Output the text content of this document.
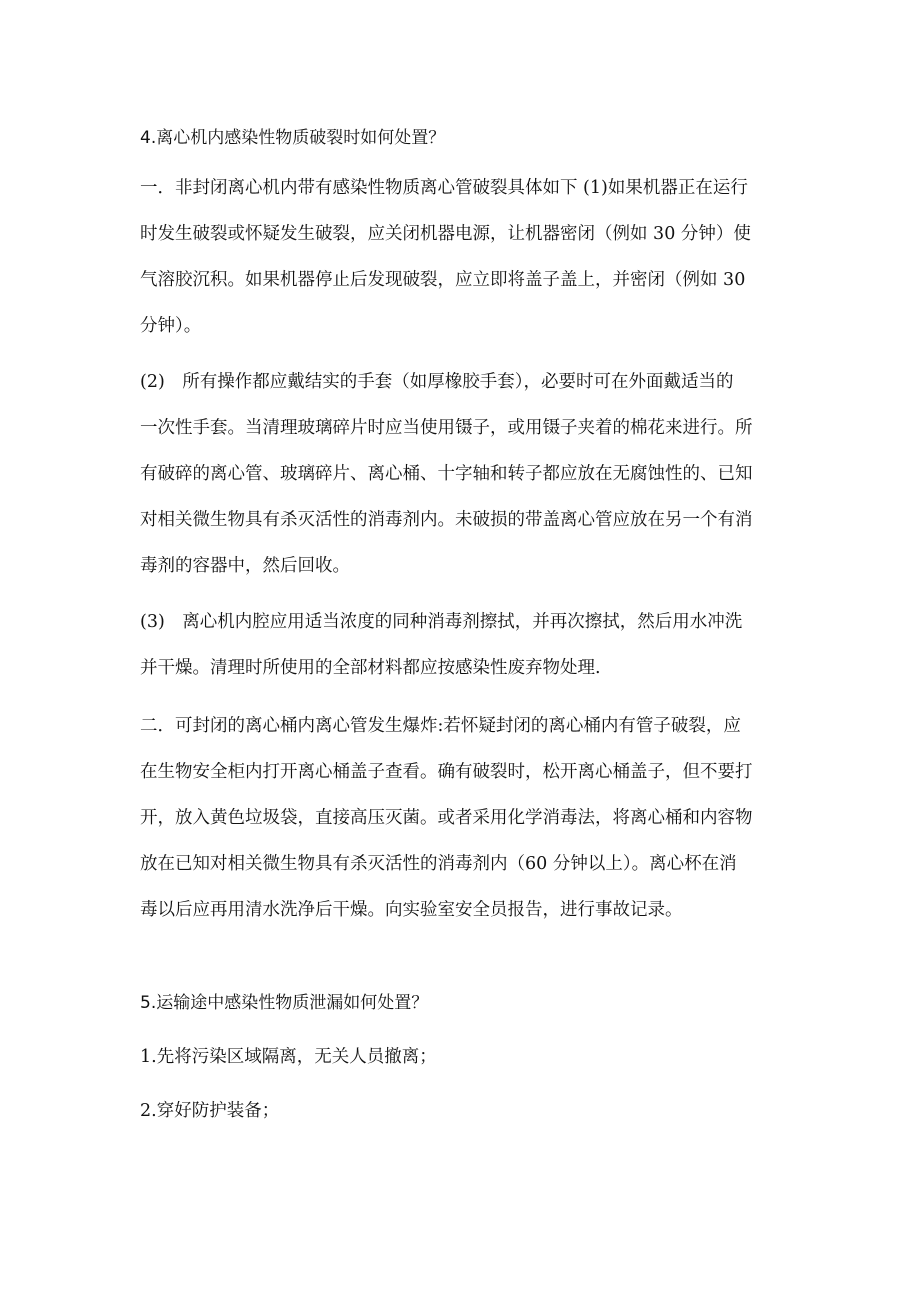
4.离心机内感染性物质破裂时如何处置？
一．非封闭离心机内带有感染性物质离心管破裂具体如下 (1)如果机器正在运行
时发生破裂或怀疑发生破裂，应关闭机器电源，让机器密闭（例如 30 分钟）使
气溶胶沉积。如果机器停止后发现破裂，应立即将盖子盖上，并密闭（例如 30
分钟）。
(2)　所有操作都应戴结实的手套（如厚橡胶手套），必要时可在外面戴适当的
一次性手套。当清理玻璃碎片时应当使用镊子，或用镊子夹着的棉花来进行。所
有破碎的离心管、玻璃碎片、离心桶、十字轴和转子都应放在无腐蚀性的、已知
对相关微生物具有杀灭活性的消毒剂内。未破损的带盖离心管应放在另一个有消
毒剂的容器中，然后回收。
(3)　离心机内腔应用适当浓度的同种消毒剂擦拭，并再次擦拭，然后用水冲洗
并干燥。清理时所使用的全部材料都应按感染性废弃物处理.
二．可封闭的离心桶内离心管发生爆炸:若怀疑封闭的离心桶内有管子破裂，应
在生物安全柜内打开离心桶盖子查看。确有破裂时，松开离心桶盖子，但不要打
开，放入黄色垃圾袋，直接高压灭菌。或者采用化学消毒法，将离心桶和内容物
放在已知对相关微生物具有杀灭活性的消毒剂内（60 分钟以上）。离心杯在消
毒以后应再用清水洗净后干燥。向实验室安全员报告，进行事故记录。
5.运输途中感染性物质泄漏如何处置？
1.先将污染区域隔离，无关人员撤离；
2.穿好防护装备；
